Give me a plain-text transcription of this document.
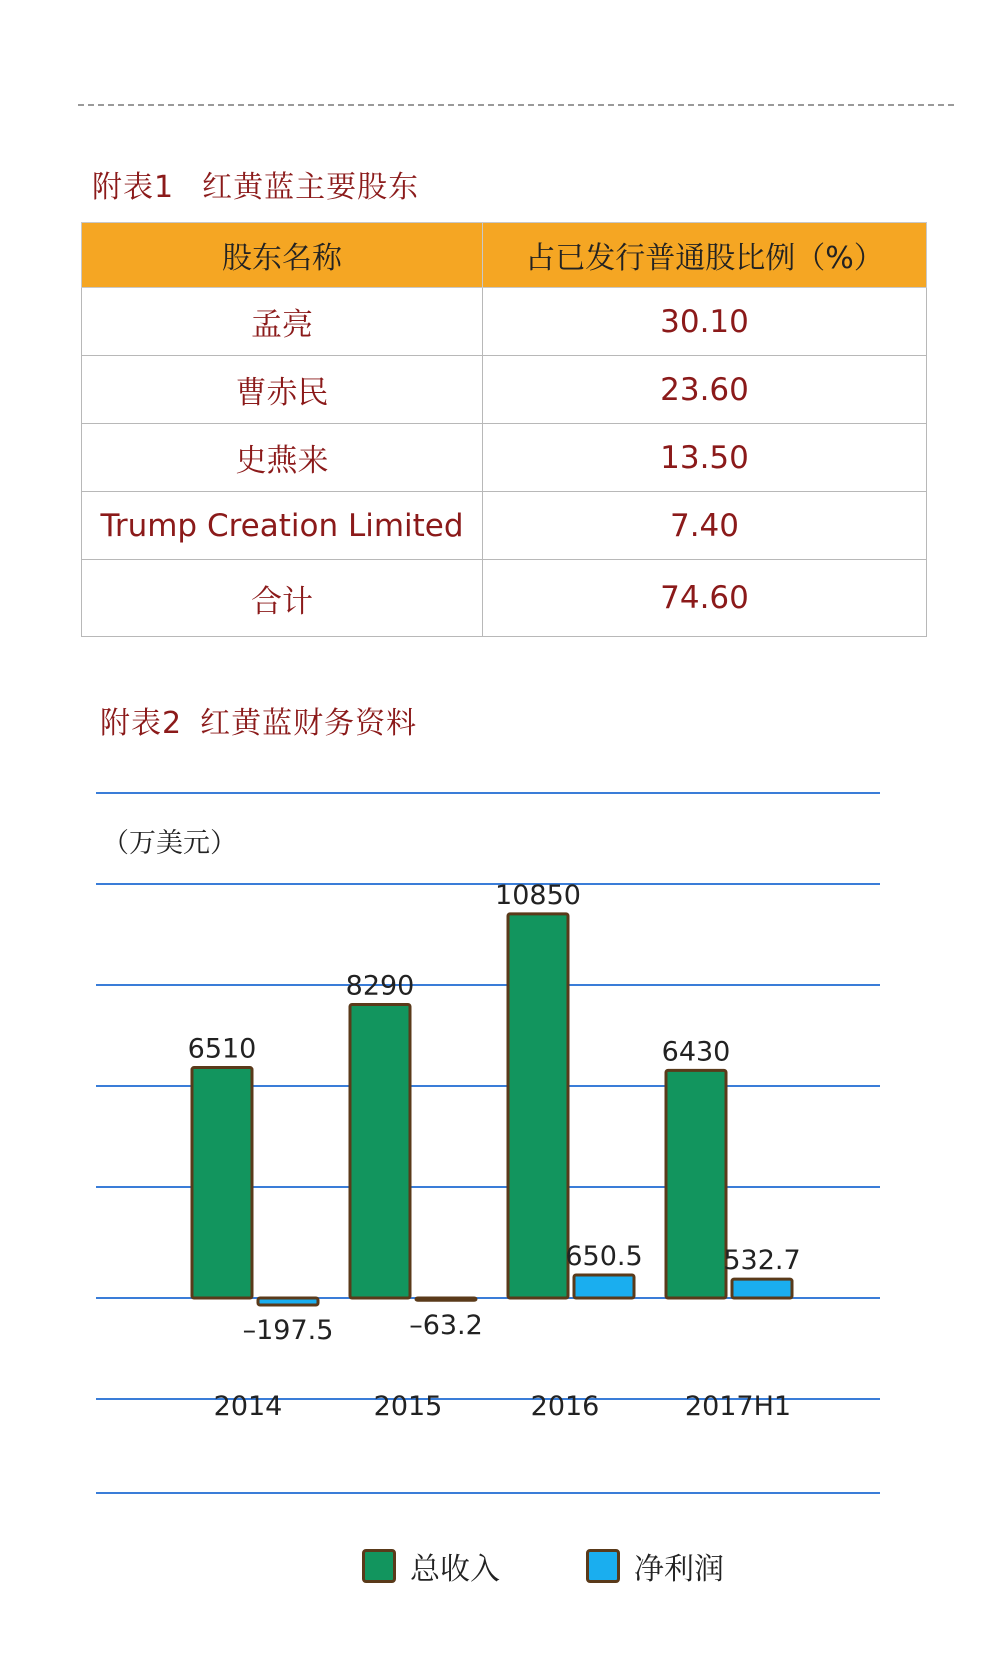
附表1 红黄蓝主要股东
股东名称	占已发行普通股比例（%）
孟亮	30.10
曹赤民	23.60
史燕来	13.50
Trump Creation Limited	7.40
合计	74.60
附表2 红黄蓝财务资料
（万美元）
2014	2015	2016	2017H1
6510
8290
10850
6430
–197.5	–63.2
650.5	532.7
总收入	净利润
